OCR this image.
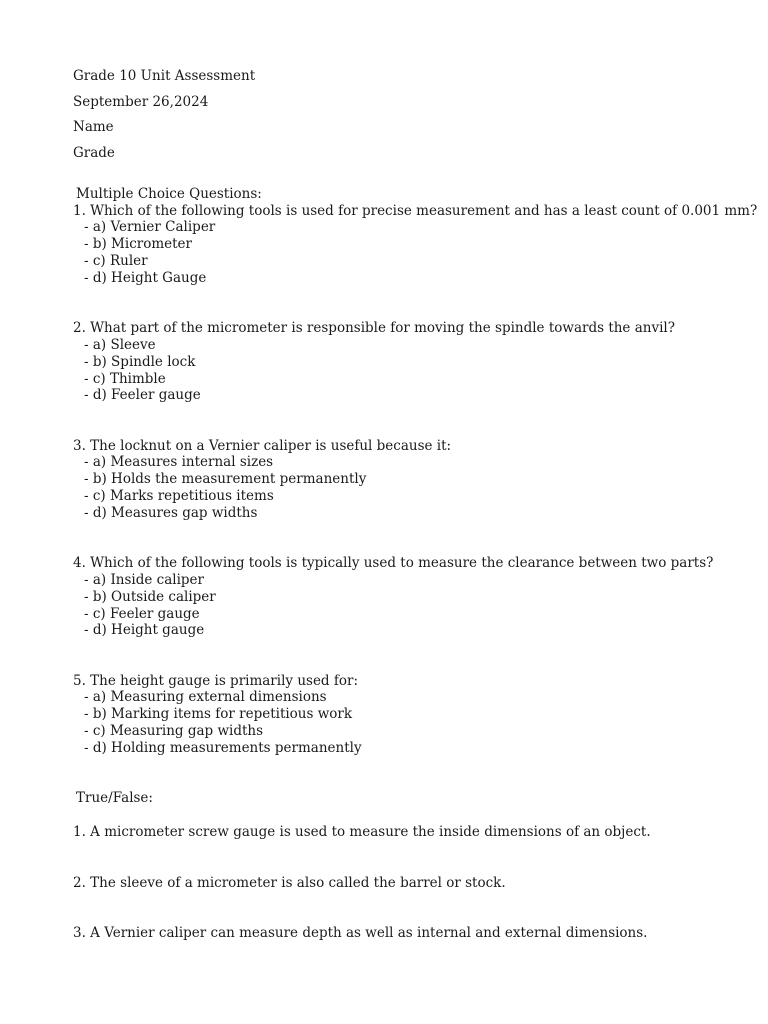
Grade 10 Unit Assessment
September 26,2024
Name
Grade
Multiple Choice Questions:
1. Which of the following tools is used for precise measurement and has a least count of 0.001 mm?
- a) Vernier Caliper
- b) Micrometer
- c) Ruler
- d) Height Gauge
2. What part of the micrometer is responsible for moving the spindle towards the anvil?
- a) Sleeve
- b) Spindle lock
- c) Thimble
- d) Feeler gauge
3. The locknut on a Vernier caliper is useful because it:
- a) Measures internal sizes
- b) Holds the measurement permanently
- c) Marks repetitious items
- d) Measures gap widths
4. Which of the following tools is typically used to measure the clearance between two parts?
- a) Inside caliper
- b) Outside caliper
- c) Feeler gauge
- d) Height gauge
5. The height gauge is primarily used for:
- a) Measuring external dimensions
- b) Marking items for repetitious work
- c) Measuring gap widths
- d) Holding measurements permanently
True/False:
1. A micrometer screw gauge is used to measure the inside dimensions of an object.
2. The sleeve of a micrometer is also called the barrel or stock.
3. A Vernier caliper can measure depth as well as internal and external dimensions.
